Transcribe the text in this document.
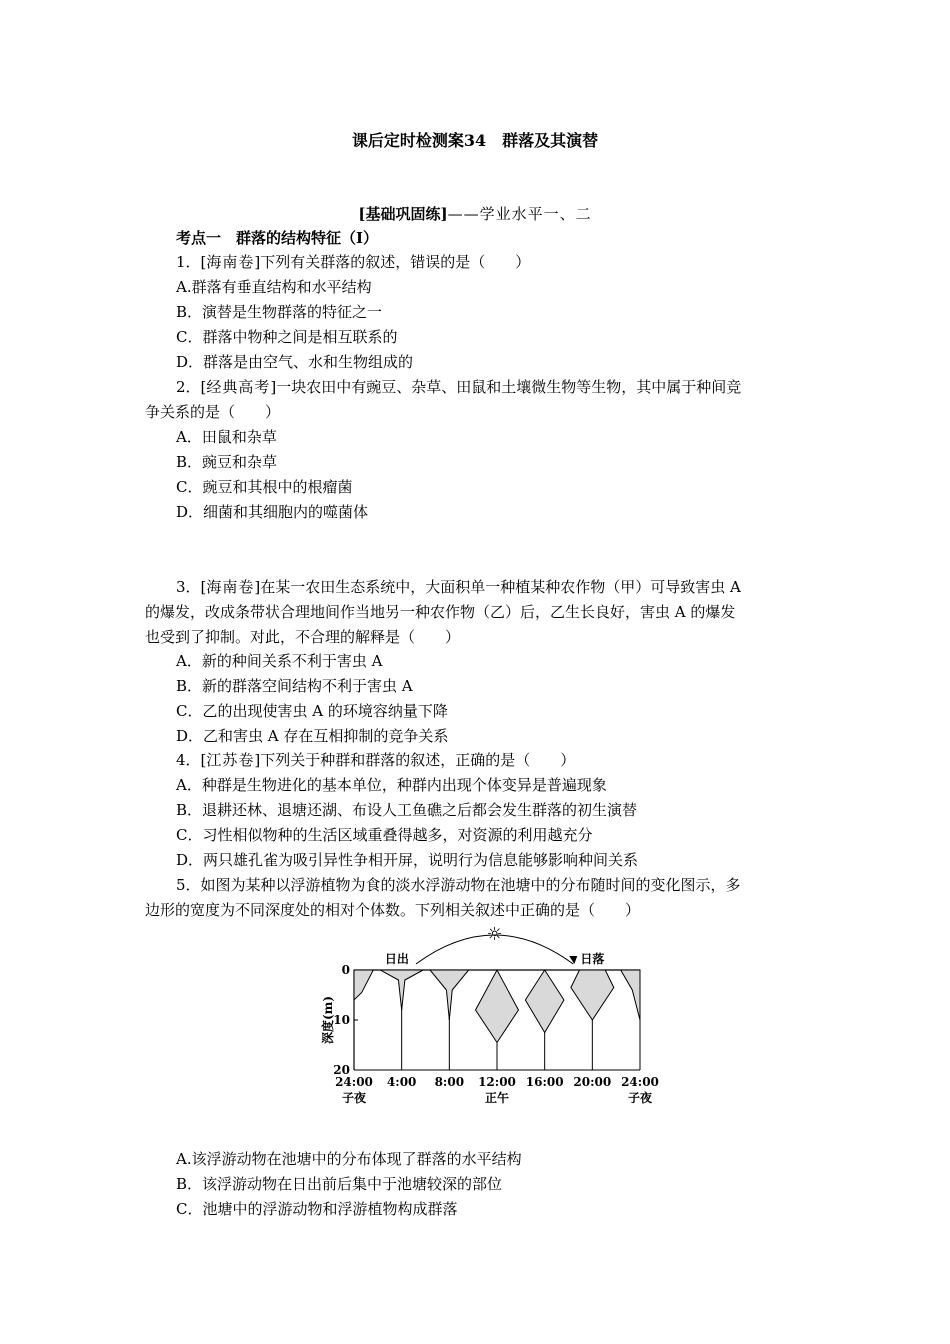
课后定时检测案34　群落及其演替
[基础巩固练]——学业水平一、二
考点一　群落的结构特征（Ⅰ）
1．[海南卷]下列有关群落的叙述，错误的是（　　）
A.群落有垂直结构和水平结构
B．演替是生物群落的特征之一
C．群落中物种之间是相互联系的
D．群落是由空气、水和生物组成的
2．[经典高考]一块农田中有豌豆、杂草、田鼠和土壤微生物等生物，其中属于种间竞
争关系的是（　　）
A．田鼠和杂草
B．豌豆和杂草
C．豌豆和其根中的根瘤菌
D．细菌和其细胞内的噬菌体
3．[海南卷]在某一农田生态系统中，大面积单一种植某种农作物（甲）可导致害虫 A
的爆发，改成条带状合理地间作当地另一种农作物（乙）后，乙生长良好，害虫 A 的爆发
也受到了抑制。对此，不合理的解释是（　　）
A．新的种间关系不利于害虫 A
B．新的群落空间结构不利于害虫 A
C．乙的出现使害虫 A 的环境容纳量下降
D．乙和害虫 A 存在互相抑制的竞争关系
4．[江苏卷]下列关于种群和群落的叙述，正确的是（　　）
A．种群是生物进化的基本单位，种群内出现个体变异是普遍现象
B．退耕还林、退塘还湖、布设人工鱼礁之后都会发生群落的初生演替
C．习性相似物种的生活区域重叠得越多，对资源的利用越充分
D．两只雄孔雀为吸引异性争相开屏，说明行为信息能够影响种间关系
5．如图为某种以浮游植物为食的淡水浮游动物在池塘中的分布随时间的变化图示，多
边形的宽度为不同深度处的相对个体数。下列相关叙述中正确的是（　　）
0
10
20
深度(m)
24:00
子夜
4:00 8:00 12:00
正午
16:00 20:00 24:00
子夜
☼
日出	日落
A.该浮游动物在池塘中的分布体现了群落的水平结构
B．该浮游动物在日出前后集中于池塘较深的部位
C．池塘中的浮游动物和浮游植物构成群落
